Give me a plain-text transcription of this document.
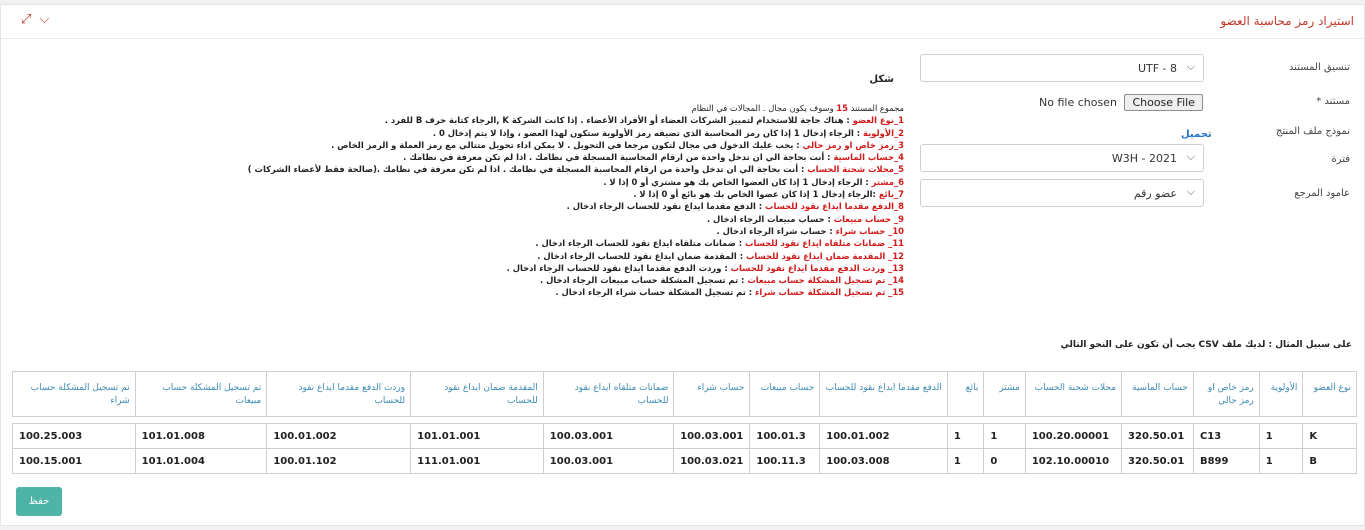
استيراد رمز محاسبة العضو
⤢ ⌵
تنسيق المستند
UTF - 8 ⌵
مستند *
No file chosen Choose File
نموذج ملف المنتج
تحميل
فترة
W3H - 2021 ⌵
عامود المرجع
عضو رقم ⌵
شكل
مجموع المستند 15 وسوف يكون مجال . المجالات في النظام
1_نوع العضو : هناك حاجة للاستخدام لتمييز الشركات العضاء أو الأفراد الأعضاء . إذا كانت الشركة K ,الرجاء كتابة حرف B للفرد .
2_الأولوية : الرجاء إدخال 1 إذا كان رمز المحاسبة الذي تضيفه رمز الأولوية ستكون لهذا العضو ، وإذا لا يتم إدخال 0 .
3_رمز خاص او رمز حالي : يجب عليك الدخول في مجال لتكون مرجعا في التحويل . لا يمكن اداء تحويل متتالي مع رمز العملة و الرمز الخاص .
4_حساب الماسية : أنت بحاجة الي ان تدخل واحدة من ارقام المحاسبة المسجلة في نظامك . اذا لم تكن معرفة في نظامك .
5_محلات شحنة الحساب : أنت بحاجة الي ان تدخل واحدة من ارقام المحاسبة المسجلة في نظامك . اذا لم تكن معرفة في نظامك .(صالحة فقط لأعضاء الشركات )
6_مشتر : الرجاء إدخال 1 إذا كان العضوا الخاص بك هو مشتري أو 0 إذا لا .
7_بائع :الرجاء إدخال 1 إذا كان عضوا الخاص بك هو بائع أو 0 إذا لا .
8_الدفع مقدما ايداع نقود للحساب : الدفع مقدما ايداع نقود للحساب الرجاء ادخال .
9_ حساب مبيعات : حساب مبيعات الرجاء ادخال .
10_ حساب شراء : حساب شراء الرجاء ادخال .
11_ ضمانات متلقاه ايداع نقود للحساب : ضمانات متلقاه ايداع نقود للحساب الرجاء ادخال .
12_ المقدمة ضمان ايداع نقود للحساب : المقدمة ضمان ايداع نقود للحساب الرجاء ادخال .
13_ وردت الدفع مقدما ايداع نقود للحساب : وردت الدفع مقدما ايداع نقود للحساب الرجاء ادخال .
14_ تم تسجيل المشكلة حساب مبيعات : تم تسجيل المشكلة حساب مبيعات الرجاء ادخال .
15_ تم تسجيل المشكلة حساب شراء : تم تسجيل المشكلة حساب شراء الرجاء ادخال .
على سبيل المثال : لديك ملف CSV يجب أن تكون على النحو التالي
نوع العضو	الأولوية	رمز خاص او رمز حالي	حساب الماسية	محلات شحنة الحساب	مشتر	بائع	الدفع مقدما ايداع نقود للحساب	حساب مبيعات	حساب شراء	ضمانات متلقاه ايداع نقود للحساب	المقدمة ضمان ايداع نقود للحساب	وردت الدفع مقدما ايداع نقود للحساب	تم تسجيل المشكلة حساب مبيعات	تم تسجيل المشكلة حساب شراء

K	1	C13	320.50.01	100.20.00001	1	1	100.01.002	100.01.3	100.03.001	100.03.001	101.01.001	100.01.002	101.01.008	100.25.003
B	1	B899	320.50.01	102.10.00010	0	1	100.03.008	100.11.3	100.03.021	100.03.001	111.01.001	100.01.102	101.01.004	100.15.001
حفظ
